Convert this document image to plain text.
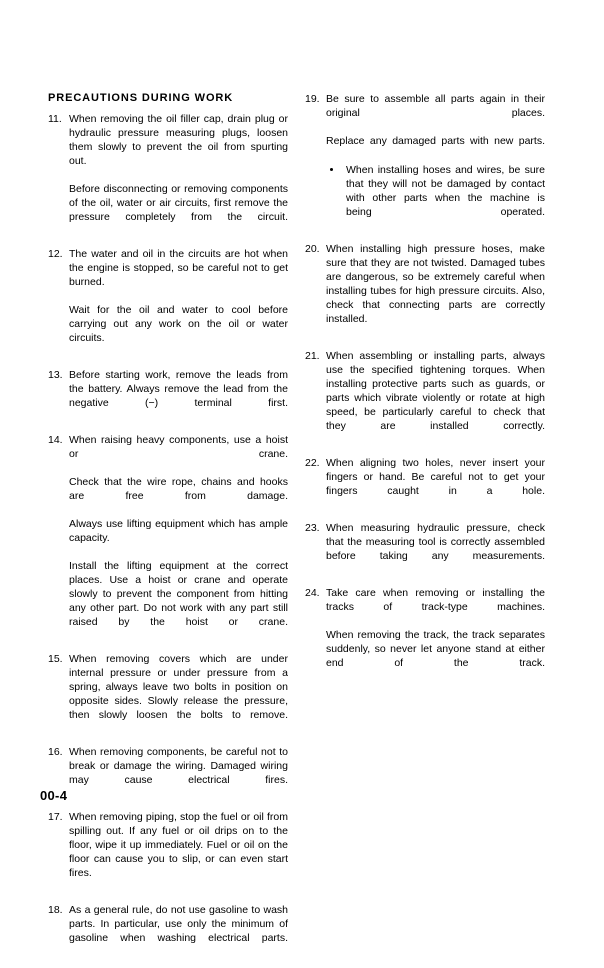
PRECAUTIONS DURING WORK
11. When removing the oil filler cap, drain plug or hydraulic pressure measuring plugs, loosen them slowly to prevent the oil from spurting out.

Before disconnecting or removing components of the oil, water or air circuits, first remove the pressure completely from the circuit.

12. The water and oil in the circuits are hot when the engine is stopped, so be careful not to get burned.

Wait for the oil and water to cool before carrying out any work on the oil or water circuits.

13. Before starting work, remove the leads from the battery. Always remove the lead from the negative (−) terminal first.

14. When raising heavy components, use a hoist or crane.

Check that the wire rope, chains and hooks are free from damage.

Always use lifting equipment which has ample capacity.

Install the lifting equipment at the correct places. Use a hoist or crane and operate slowly to prevent the component from hitting any other part. Do not work with any part still raised by the hoist or crane.

15. When removing covers which are under internal pressure or under pressure from a spring, always leave two bolts in position on opposite sides. Slowly release the pressure, then slowly loosen the bolts to remove.

16. When removing components, be careful not to break or damage the wiring. Damaged wiring may cause electrical fires.

17. When removing piping, stop the fuel or oil from spilling out. If any fuel or oil drips on to the floor, wipe it up immediately. Fuel or oil on the floor can cause you to slip, or can even start fires.

18. As a general rule, do not use gasoline to wash parts. In particular, use only the minimum of gasoline when washing electrical parts.

19. Be sure to assemble all parts again in their original places.

Replace any damaged parts with new parts.

When installing hoses and wires, be sure that they will not be damaged by contact with other parts when the machine is being operated.

20. When installing high pressure hoses, make sure that they are not twisted. Damaged tubes are dangerous, so be extremely careful when installing tubes for high pressure circuits. Also, check that connecting parts are correctly installed.

21. When assembling or installing parts, always use the specified tightening torques. When installing protective parts such as guards, or parts which vibrate violently or rotate at high speed, be particularly careful to check that they are installed correctly.

22. When aligning two holes, never insert your fingers or hand. Be careful not to get your fingers caught in a hole.

23. When measuring hydraulic pressure, check that the measuring tool is correctly assembled before taking any measurements.

24. Take care when removing or installing the tracks of track-type machines.

When removing the track, the track separates suddenly, so never let anyone stand at either end of the track.

00-4
